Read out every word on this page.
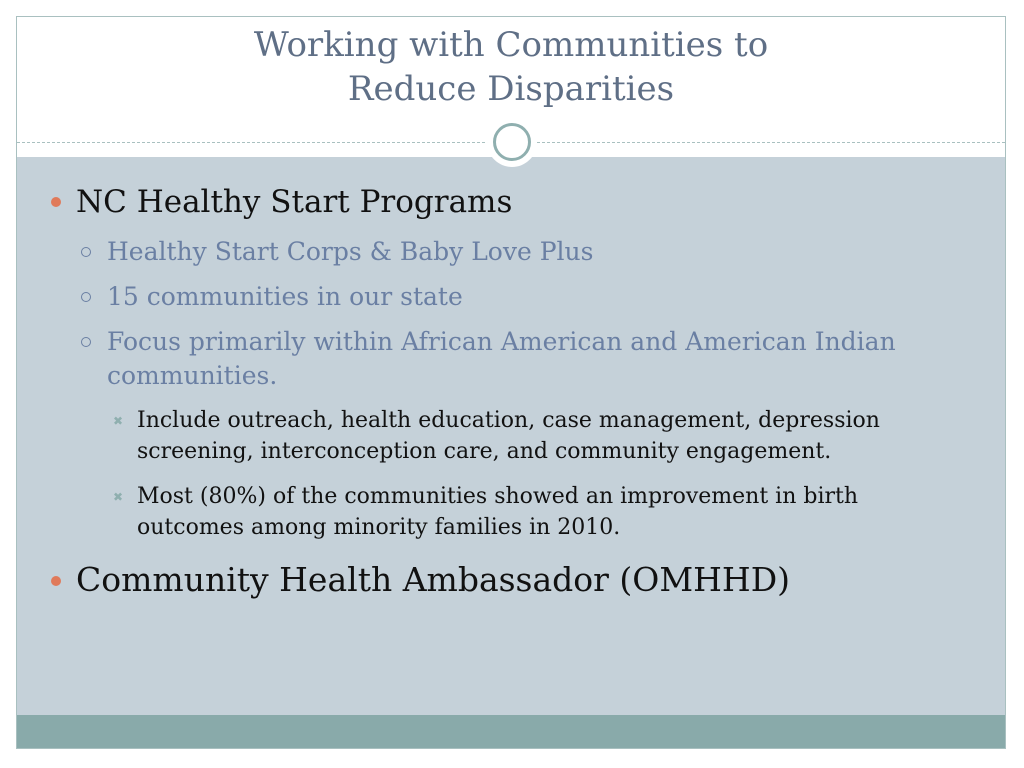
Working with Communities to
Reduce Disparities
NC Healthy Start Programs
Healthy Start Corps & Baby Love Plus
15 communities in our state
Focus primarily within African American and American Indian
communities.
✖ Include outreach, health education, case management, depression
screening, interconception care, and community engagement.
✖ Most (80%) of the communities showed an improvement in birth
outcomes among minority families in 2010.
Community Health Ambassador (OMHHD)
